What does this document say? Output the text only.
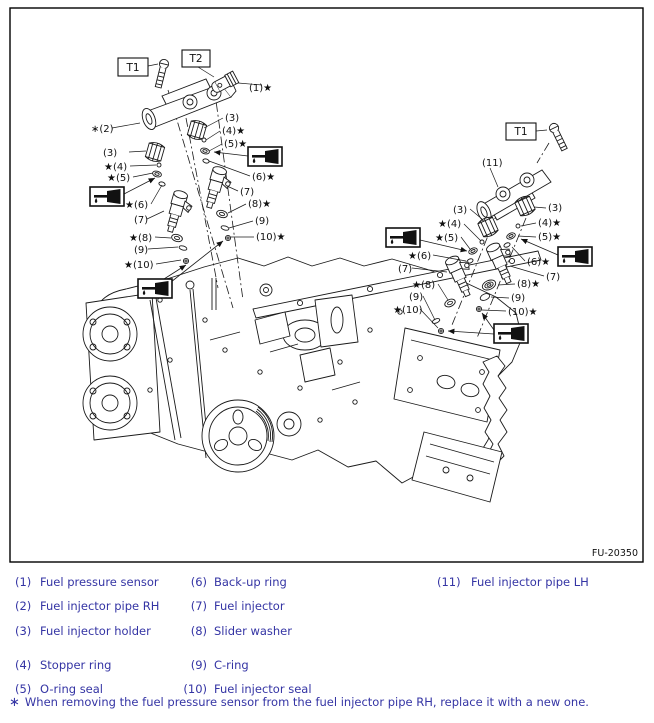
T1
T2
T1
(1)★
∗(2)
(3)
(4)★
(5)★
(6)★
(7)
(8)★
(9)
(10)★
(3)
★(4)
★(5)
★(6)
(7)
★(8)
(9)
★(10)
(11)
(3)	(3)
★(4)	(4)★
★(5)	(5)★
★(6)
(6)★
(7)
(7)
★(8)	(8)★
(9)	(9)
★(10)	(10)★
FU-20350
(1) Fuel pressure sensor
(2) Fuel injector pipe RH
(3) Fuel injector holder
(4) Stopper ring
(5) O-ring seal
(6) Back-up ring
(7) Fuel injector
(8) Slider washer
(9) C-ring
(10) Fuel injector seal
(11) Fuel injector pipe LH
∗ When removing the fuel pressure sensor from the fuel injector pipe RH, replace it with a new one.
